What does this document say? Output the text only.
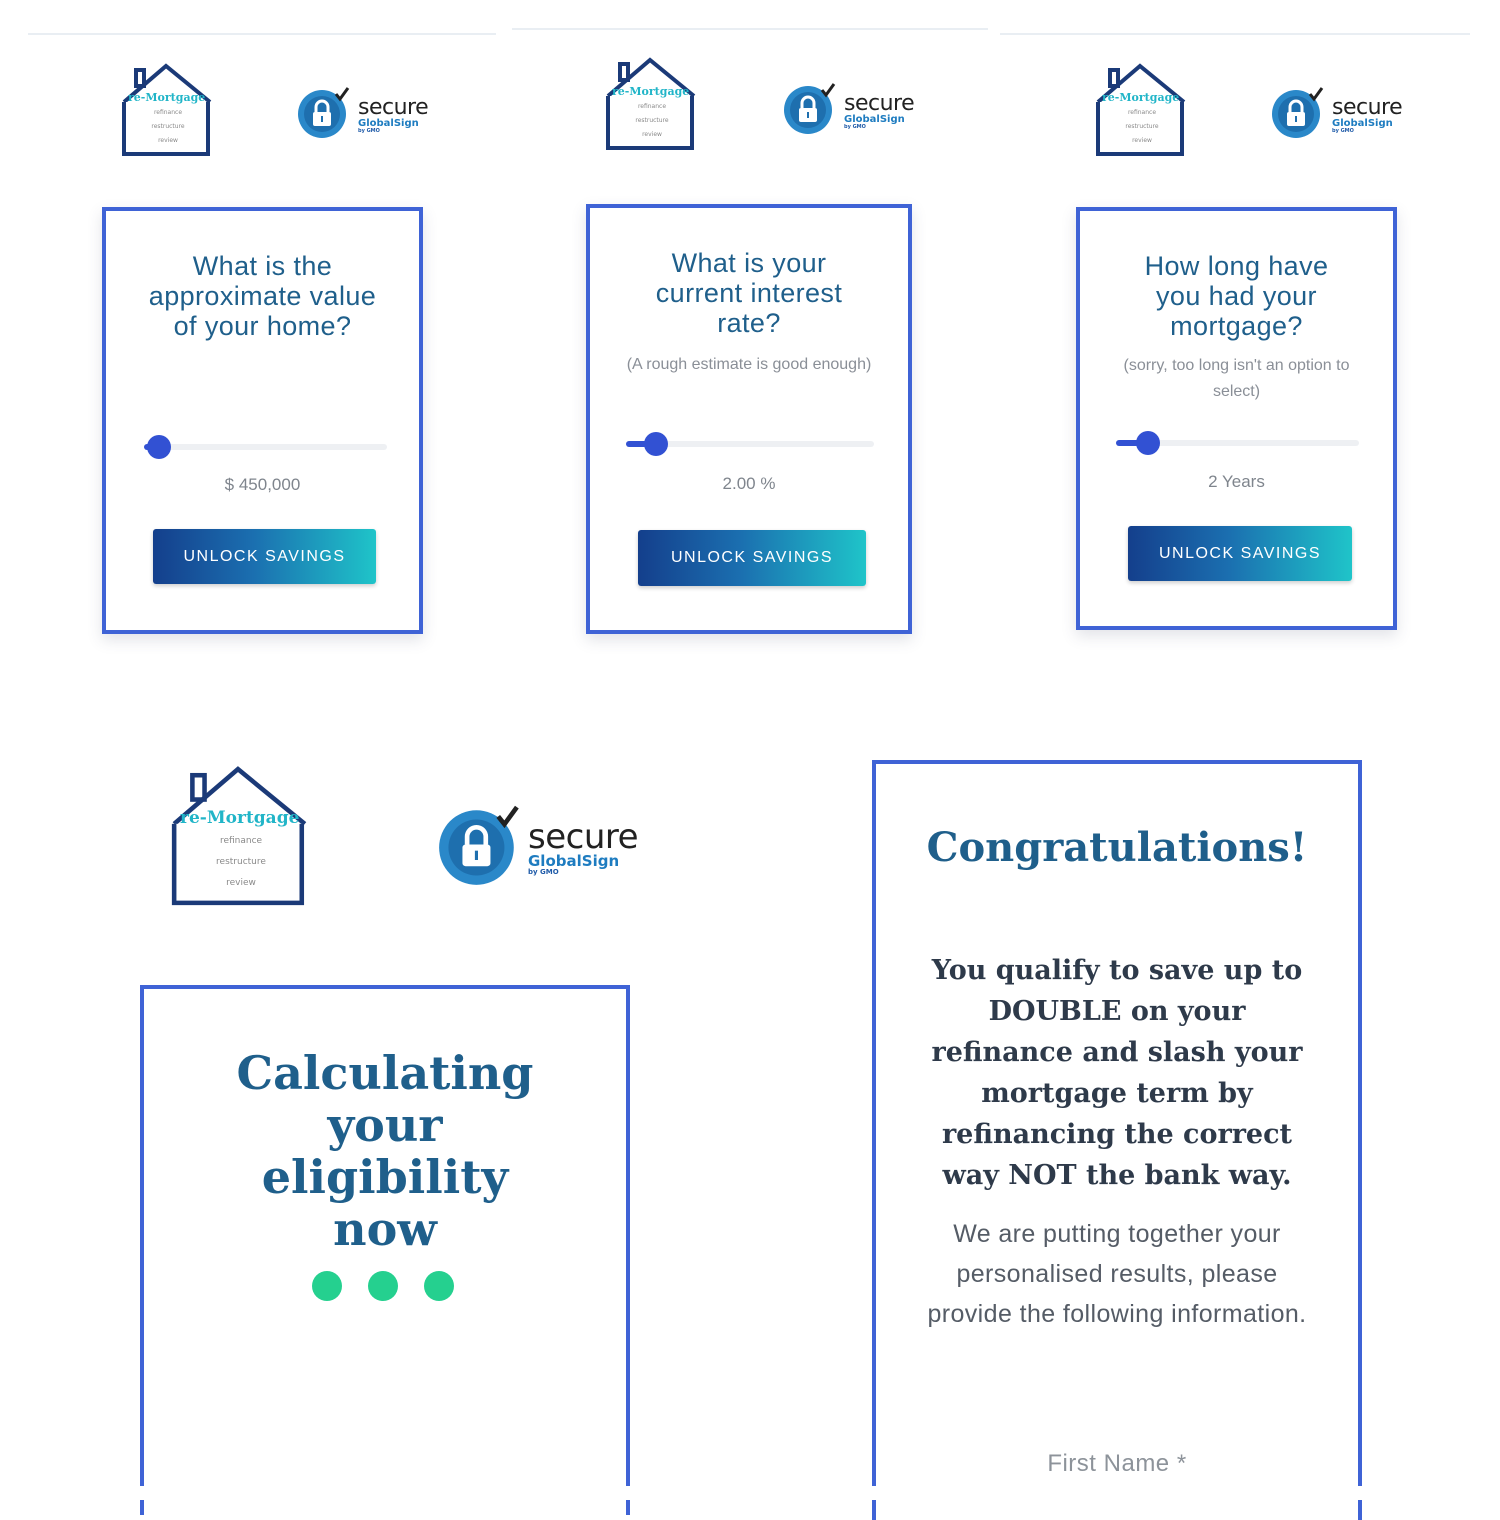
re-Mortgage
refinance
restructure
review
secure
GlobalSign
by GMO
What is the approximate value of your home?
$ 450,000
UNLOCK SAVINGS
re-Mortgage
refinance
restructure
review
secure
GlobalSign
by GMO
What is your current interest rate?
(A rough estimate is good enough)
2.00 %
UNLOCK SAVINGS
re-Mortgage
refinance
restructure
review
secure
GlobalSign
by GMO
How long have you had your mortgage?
(sorry, too long isn't an option to select)
2 Years
UNLOCK SAVINGS
re-Mortgage
refinance
restructure
review
secure
GlobalSign
by GMO
Calculating your eligibility now
Congratulations!
You qualify to save up to DOUBLE on your refinance and slash your mortgage term by refinancing the correct way NOT the bank way.
We are putting together your personalised results, please provide the following information.
First Name *
